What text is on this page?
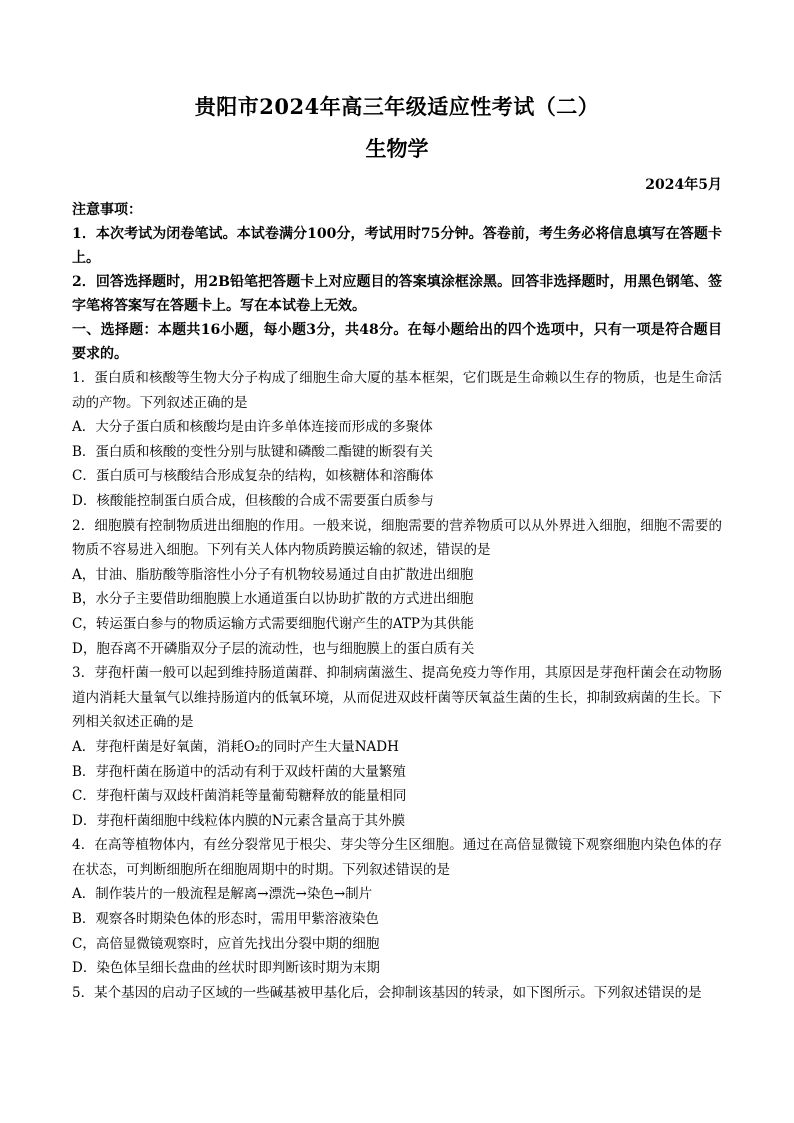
贵阳市2024年高三年级适应性考试（二）
生物学
2024年5月
注意事项：

1．本次考试为闭卷笔试。本试卷满分100分，考试用时75分钟。答卷前，考生务必将信息填写在答题卡上。

2．回答选择题时，用2B铅笔把答题卡上对应题目的答案填涂框涂黑。回答非选择题时，用黑色钢笔、签字笔将答案写在答题卡上。写在本试卷上无效。

一、选择题：本题共16小题，每小题3分，共48分。在每小题给出的四个选项中，只有一项是符合题目要求的。

1．蛋白质和核酸等生物大分子构成了细胞生命大厦的基本框架，它们既是生命赖以生存的物质，也是生命活动的产物。下列叙述正确的是

A．大分子蛋白质和核酸均是由许多单体连接而形成的多聚体

B．蛋白质和核酸的变性分别与肽键和磷酸二酯键的断裂有关

C．蛋白质可与核酸结合形成复杂的结构，如核糖体和溶酶体

D．核酸能控制蛋白质合成，但核酸的合成不需要蛋白质参与

2．细胞膜有控制物质进出细胞的作用。一般来说，细胞需要的营养物质可以从外界进入细胞，细胞不需要的物质不容易进入细胞。下列有关人体内物质跨膜运输的叙述，错误的是

A，甘油、脂肪酸等脂溶性小分子有机物较易通过自由扩散进出细胞

B，水分子主要借助细胞膜上水通道蛋白以协助扩散的方式进出细胞

C，转运蛋白参与的物质运输方式需要细胞代谢产生的ATP为其供能

D，胞吞离不开磷脂双分子层的流动性，也与细胞膜上的蛋白质有关

3．芽孢杆菌一般可以起到维持肠道菌群、抑制病菌滋生、提高免疫力等作用，其原因是芽孢杆菌会在动物肠道内消耗大量氧气以维持肠道内的低氧环境，从而促进双歧杆菌等厌氧益生菌的生长，抑制致病菌的生长。下列相关叙述正确的是

A．芽孢杆菌是好氧菌，消耗O₂的同时产生大量NADH

B．芽孢杆菌在肠道中的活动有利于双歧杆菌的大量繁殖

C．芽孢杆菌与双歧杆菌消耗等量葡萄糖释放的能量相同

D．芽孢杆菌细胞中线粒体内膜的N元素含量高于其外膜

4．在高等植物体内，有丝分裂常见于根尖、芽尖等分生区细胞。通过在高倍显微镜下观察细胞内染色体的存在状态，可判断细胞所在细胞周期中的时期。下列叙述错误的是

A．制作装片的一般流程是解离→漂洗→染色→制片

B．观察各时期染色体的形态时，需用甲紫溶液染色

C，高倍显微镜观察时，应首先找出分裂中期的细胞

D．染色体呈细长盘曲的丝状时即判断该时期为末期

5．某个基因的启动子区域的一些碱基被甲基化后，会抑制该基因的转录，如下图所示。下列叙述错误的是
